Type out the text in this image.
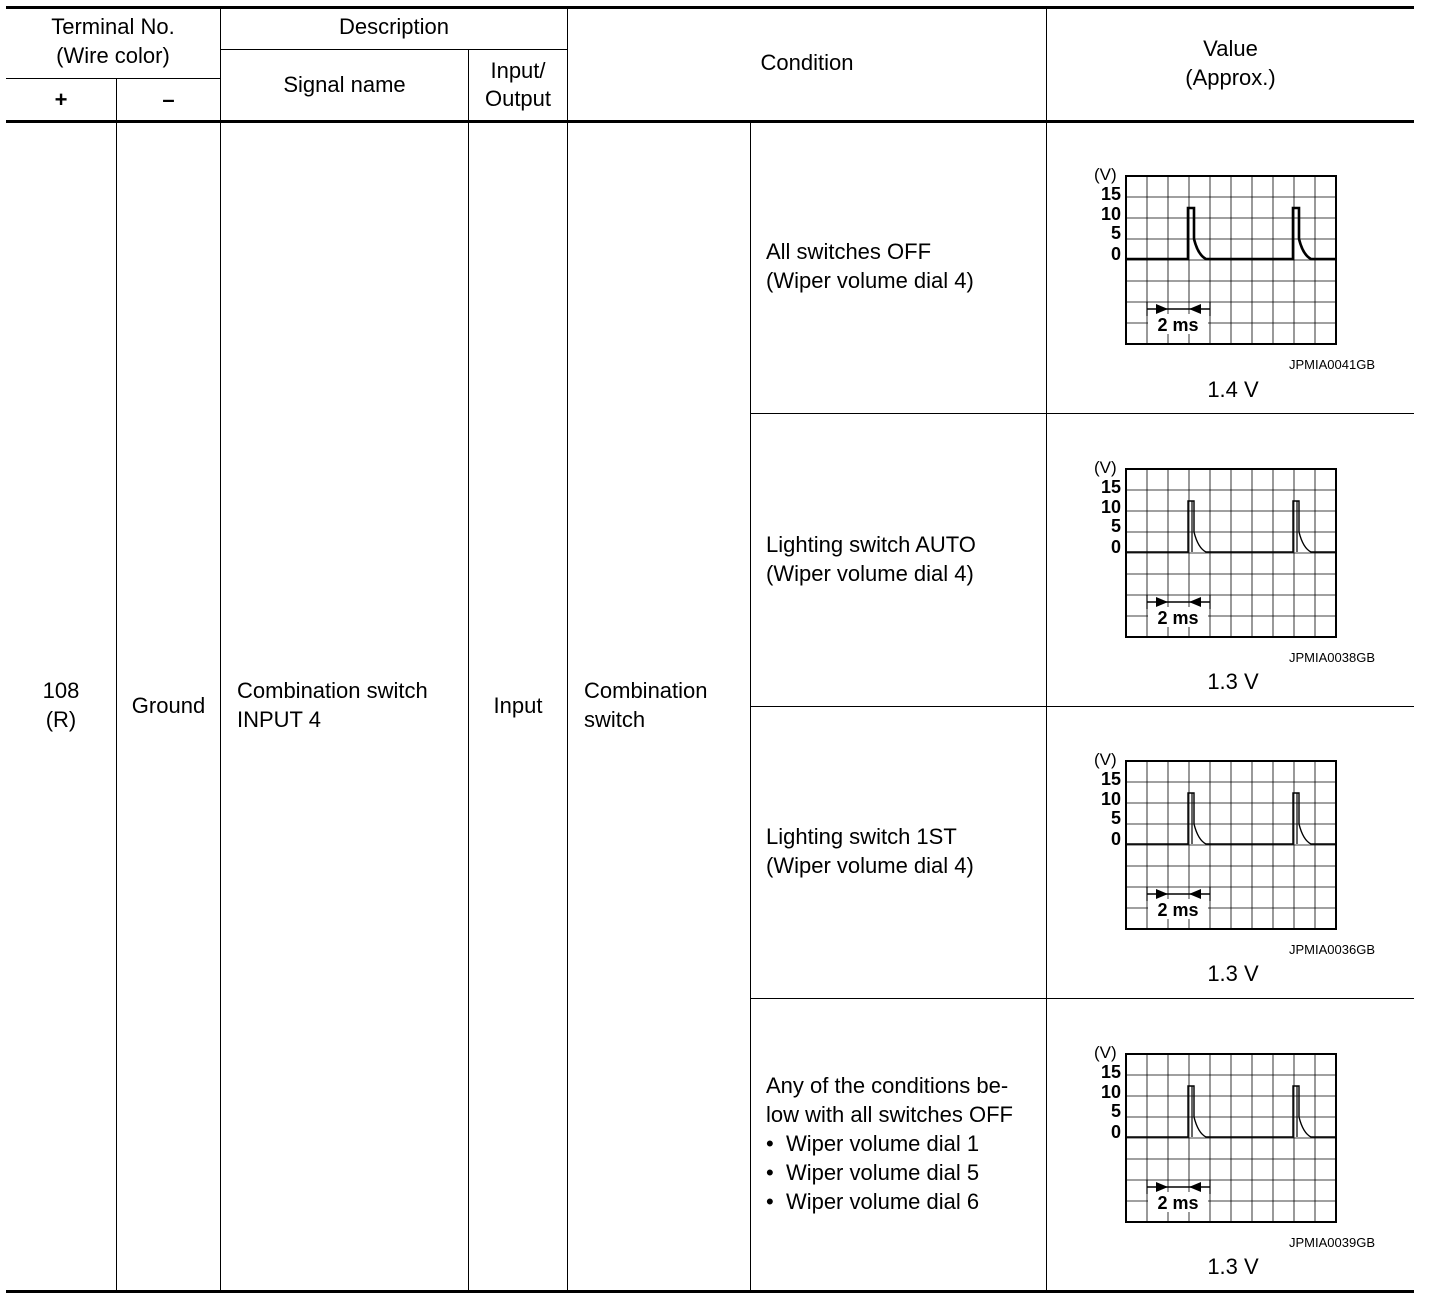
Terminal No.
(Wire color)
+	–
Description
Signal name
Input/
Output
Condition
Value
(Approx.)
108
(R)
Ground
Combination switch
INPUT 4
Input
Combination
switch
All switches OFF
(Wiper volume dial 4)
Lighting switch AUTO
(Wiper volume dial 4)
Lighting switch 1ST
(Wiper volume dial 4)
Any of the conditions be-
low with all switches OFF
• Wiper volume dial 1
• Wiper volume dial 5
• Wiper volume dial 6
(V)
15
10
5
0
2 ms
JPMIA0041GB
1.4 V
(V)
15
10
5
0
2 ms
JPMIA0038GB
1.3 V
(V)
15
10
5
0
2 ms
JPMIA0036GB
1.3 V
(V)
15
10
5
0
2 ms
JPMIA0039GB
1.3 V
